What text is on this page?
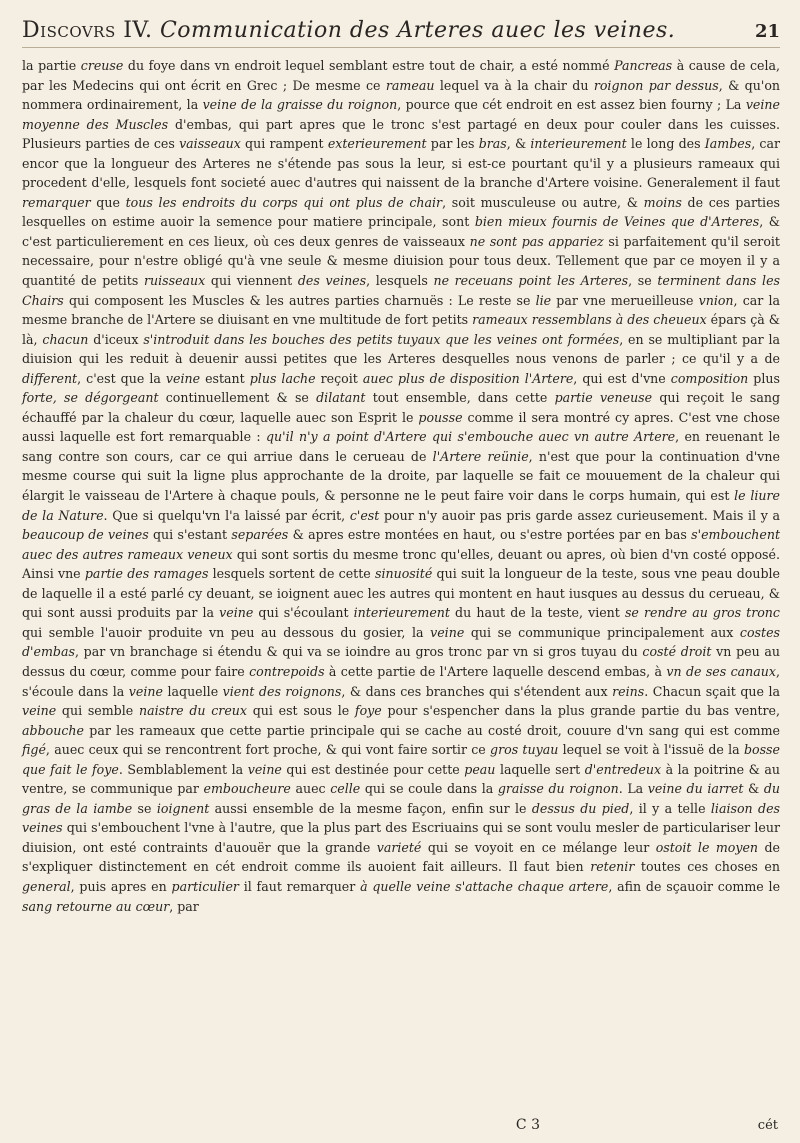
Discovrs IV. Communication des Arteres auec les veines.	21

la partie creuse du foye dans vn endroit lequel semblant estre tout de chair, a esté nommé Pancreas à cause de cela, par les Medecins qui ont écrit en Grec ; De mesme ce rameau lequel va à la chair du roignon par dessus, & qu'on nommera ordinairement, la veine de la graisse du roignon, pource que cét endroit en est assez bien fourny ; La veine moyenne des Muscles d'embas, qui part apres que le tronc s'est partagé en deux pour couler dans les cuisses. Plusieurs parties de ces vaisseaux qui rampent exterieurement par les bras, & interieurement le long des Iambes, car encor que la longueur des Arteres ne s'étende pas sous la leur, si est-ce pourtant qu'il y a plusieurs rameaux qui procedent d'elle, lesquels font societé auec d'autres qui naissent de la branche d'Artere voisine. Generalement il faut remarquer que tous les endroits du corps qui ont plus de chair, soit musculeuse ou autre, & moins de ces parties lesquelles on estime auoir la semence pour matiere principale, sont bien mieux fournis de Veines que d'Arteres, & c'est particulierement en ces lieux, où ces deux genres de vaisseaux ne sont pas appariez si parfaitement qu'il seroit necessaire, pour n'estre obligé qu'à vne seule & mesme diuision pour tous deux. Tellement que par ce moyen il y a quantité de petits ruisseaux qui viennent des veines, lesquels ne receuans point les Arteres, se terminent dans les Chairs qui composent les Muscles & les autres parties charnuës : Le reste se lie par vne merueilleuse vnion, car la mesme branche de l'Artere se diuisant en vne multitude de fort petits rameaux ressemblans à des cheueux épars çà & là, chacun d'iceux s'introduit dans les bouches des petits tuyaux que les veines ont formées, en se multipliant par la diuision qui les reduit à deuenir aussi petites que les Arteres desquelles nous venons de parler ; ce qu'il y a de different, c'est que la veine estant plus lache reçoit auec plus de disposition l'Artere, qui est d'vne composition plus forte, se dégorgeant continuellement & se dilatant tout ensemble, dans cette partie veneuse qui reçoit le sang échauffé par la chaleur du cœur, laquelle auec son Esprit le pousse comme il sera montré cy apres. C'est vne chose aussi laquelle est fort remarquable : qu'il n'y a point d'Artere qui s'embouche auec vn autre Artere, en reuenant le sang contre son cours, car ce qui arriue dans le cerueau de l'Artere reünie, n'est que pour la continuation d'vne mesme course qui suit la ligne plus approchante de la droite, par laquelle se fait ce mouuement de la chaleur qui élargit le vaisseau de l'Artere à chaque pouls, & personne ne le peut faire voir dans le corps humain, qui est le liure de la Nature. Que si quelqu'vn l'a laissé par écrit, c'est pour n'y auoir pas pris garde assez curieusement. Mais il y a beaucoup de veines qui s'estant separées & apres estre montées en haut, ou s'estre portées par en bas s'embouchent auec des autres rameaux veneux qui sont sortis du mesme tronc qu'elles, deuant ou apres, où bien d'vn costé opposé. Ainsi vne partie des ramages lesquels sortent de cette sinuosité qui suit la longueur de la teste, sous vne peau double de laquelle il a esté parlé cy deuant, se ioignent auec les autres qui montent en haut iusques au dessus du cerueau, & qui sont aussi produits par la veine qui s'écoulant interieurement du haut de la teste, vient se rendre au gros tronc qui semble l'auoir produite vn peu au dessous du gosier, la veine qui se communique principalement aux costes d'embas, par vn branchage si étendu & qui va se ioindre au gros tronc par vn si gros tuyau du costé droit vn peu au dessus du cœur, comme pour faire contrepoids à cette partie de l'Artere laquelle descend embas, à vn de ses canaux, s'écoule dans la veine laquelle vient des roignons, & dans ces branches qui s'étendent aux reins. Chacun sçait que la veine qui semble naistre du creux qui est sous le foye pour s'espencher dans la plus grande partie du bas ventre, abbouche par les rameaux que cette partie principale qui se cache au costé droit, couure d'vn sang qui est comme figé, auec ceux qui se rencontrent fort proche, & qui vont faire sortir ce gros tuyau lequel se voit à l'issuë de la bosse que fait le foye. Semblablement la veine qui est destinée pour cette peau laquelle sert d'entredeux à la poitrine & au ventre, se communique par emboucheure auec celle qui se coule dans la graisse du roignon. La veine du iarret & du gras de la iambe se ioignent aussi ensemble de la mesme façon, enfin sur le dessus du pied, il y a telle liaison des veines qui s'embouchent l'vne à l'autre, que la plus part des Escriuains qui se sont voulu mesler de particulariser leur diuision, ont esté contraints d'auouër que la grande varieté qui se voyoit en ce mélange leur ostoit le moyen de s'expliquer distinctement en cét endroit comme ils auoient fait ailleurs. Il faut bien retenir toutes ces choses en general, puis apres en particulier il faut remarquer à quelle veine s'attache chaque artere, afin de sçauoir comme le sang retourne au cœur, par

C 3	cét
